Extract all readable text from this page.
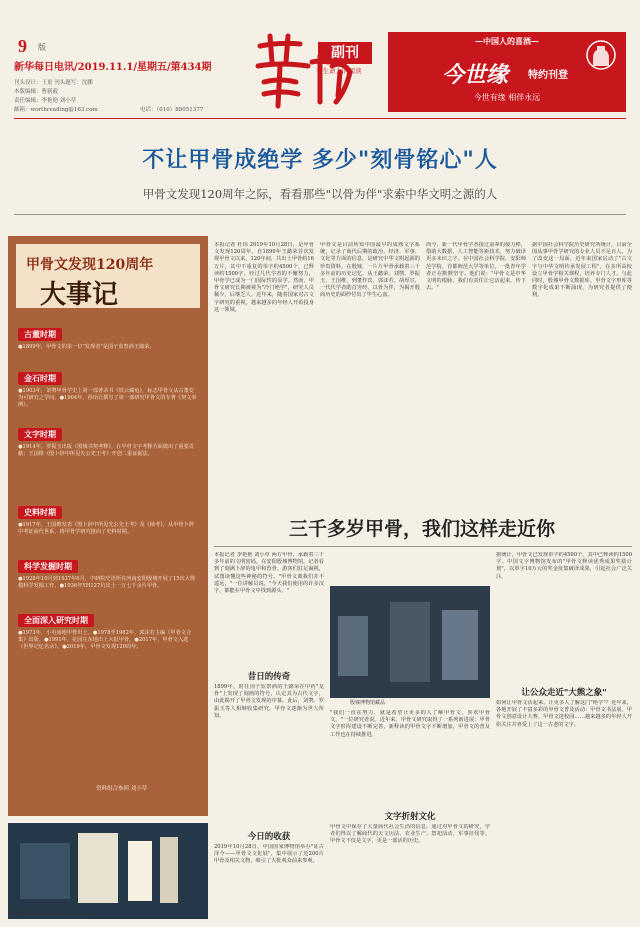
9 版
新华每日电讯/2019.11.1/星期五/第434期
刊头设计：王更 刊头题写：沈鹏
本版编辑：曹新毅
责任编辑：李艳艳 刘小草
邮箱：worthreading@163.com	电话：（010）88051377
副刊
有生命力的阅读
—中国人的喜酒—
今世缘 特约刊登
今世有缘 相伴永远
不让甲骨成绝学 多少"刻骨铭心"人
甲骨文发现120周年之际，看看那些"以骨为伴"求索中华文明之源的人
甲骨文发现120周年
大事记
古董时期
●1899年，甲骨文的第一位"发现者"是国子监祭酒王懿荣。
金石时期
●1903年，刘鹗甲骨学史上第一部著录书《铁云藏龟》，标志甲骨文从古董变为可研究之学问。●1904年，孙诒让撰写了第一部研究甲骨文的专著《契文举例》。
文字时期
●1914年，罗振玉出版《殷墟书契考释》，在甲骨文字考释方面做出了重要贡献；王国维《殷卜辞中所见先公先王考》开创二重证据法。
史料时期
●1917年，王国维发表《殷卜辞中所见先公先王考》及《续考》，从甲骨卜辞中考证商代世系，将甲骨学研究推向了史料时期。
科学发掘时期
●1928年10月到1937年6月，中研院史语所在河南安阳殷墟开展了15次大规模科学发掘工作。●1936年YH127坑出土一万七千余片甲骨。
全面深入研究时期
●1973年，小屯南地甲骨出土。●1978至1982年，郭沫若主编《甲骨文合集》出版。●1991年，花园庄东地出土大批甲骨。●2017年，甲骨文入选《世界记忆名录》。●2019年，甲骨文发现120周年。
资料组合参照 刘小草
殷墟博物馆"甲骨文发现"展厅一角
本报记者 杜玮 2019年10月28日，是甲骨文发现120周年。自1899年王懿荣首次发现甲骨文以来，120年间，共出土甲骨约16万片，其中不重复的单字约4500个，已释读约1500字。经过几代学者的不懈努力，甲骨学已成为一门国际性的显学。然而，甲骨文研究长期被视为"冷门绝学"，研究人员稀少，后继乏人。近年来，随着国家对古文字研究的重视，越来越多的年轻人开始投身这一领域。
甲骨文是目前所知中国最早的成熟文字系统，记录了商代后期的政治、经济、军事、文化等方面的信息，是研究中华文明起源的珍贵资料。在殷墟，一片片甲骨承载着三千多年前的历史记忆。从王懿荣、刘鹗、罗振玉、王国维，到董作宾、郭沫若、胡厚宣，一代代学者皓首穷经，以骨为伴，为揭开殷商历史的面纱付出了毕生心血。
而今，新一代甲骨学者接过前辈的接力棒，借助大数据、人工智能等新技术，努力破译更多未识之字。在中国社会科学院、安阳师范学院、首都师范大学等单位，一批青年学者正在默默坚守。他们说："甲骨文是中华文明的根脉，我们有责任让它活起来、传下去。"
据中国社会科学院历史研究所统计，目前全国从事甲骨学研究的专业人员不足百人。为了改变这一局面，近年来国家启动了"古文字与中华文明传承发展工程"，在多所高校设立甲骨学相关课程，培养专门人才。与此同时，殷墟甲骨文数据库、甲骨文字形库等数字化成果不断涌现，为研究者提供了便利。
三千多岁甲骨，我们这样走近你
本报记者 李艳艳 刘小草 两方甲骨，承载着三千多年前的文明密码。在安阳殷墟博物馆，记者看到了刻满卜辞的龟甲和兽骨。游客们驻足凝视，试图读懂这些神秘的符号。"甲骨文离我们并不遥远，"一位讲解员说，"今天我们使用的许多汉字，都能在甲骨文中找到源头。"
昔日的传奇
1899年，时任国子监祭酒的王懿荣在中药"龙骨"上发现了刻画的符号，认定其为古代文字，由此揭开了甲骨文发现的序幕。此后，刘鹗、罗振玉等人相继收集研究，甲骨文逐渐为世人所知。
今日的收获
2019年10月28日，中国国家博物馆举办"证古泽今——甲骨文文化展"，集中展示了近200片甲骨及相关文物，吸引了大批观众前来参观。
殷墟博物馆藏品
"我们一直在努力，就是希望让更多的人了解甲骨文、喜欢甲骨文。"一位研究者说。近年来，甲骨文研究取得了一系列新进展：甲骨文字形库建设不断完善，新释读的甲骨文字不断增加，甲骨文的普及工作也在持续推进。
文字折射文化
甲骨文中保存了大量商代社会生活的信息。通过对甲骨文的研究，学者们得以了解商代的天文历法、农业生产、祭祀活动、军事征伐等。甲骨文不仅是文字，更是一部活的历史。
据统计，甲骨文已发现单字约4500个，其中已释读约1500字。中国文字博物馆发布的"甲骨文释读优秀成果奖励计划"，以单字10万元的奖金征集破译成果，引起社会广泛关注。
让公众走近"大熊之象"
如何让甲骨文活起来、让更多人了解这门"绝学"？近年来，各地开展了丰富多彩的甲骨文普及活动：甲骨文书法展、甲骨文创意设计大赛、甲骨文进校园……越来越多的年轻人开始关注并喜爱上了这一古老的文字。
